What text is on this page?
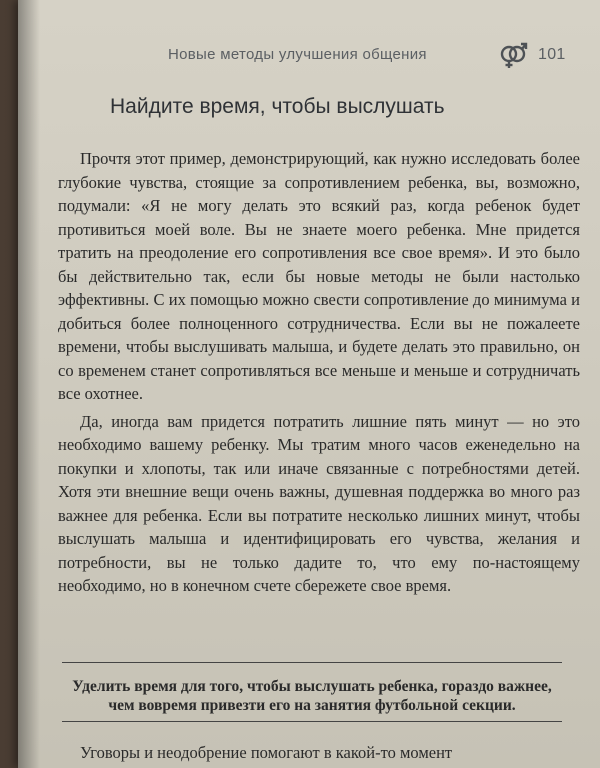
Новые методы улучшения общения	101
Найдите время, чтобы выслушать

Прочтя этот пример, демонстрирующий, как нужно исследовать более глубокие чувства, стоящие за сопротивлением ребенка, вы, возможно, подумали: «Я не могу делать это всякий раз, когда ребенок будет противиться моей воле. Вы не знаете моего ребенка. Мне придется тратить на преодоление его сопротивления все свое время». И это было бы действительно так, если бы новые методы не были настолько эффективны. С их помощью можно свести сопротивление до минимума и добиться более полноценного сотрудничества. Если вы не пожалеете времени, чтобы выслушивать малыша, и будете делать это правильно, он со временем станет сопротивляться все меньше и меньше и сотрудничать все охотнее.

Да, иногда вам придется потратить лишние пять минут — но это необходимо вашему ребенку. Мы тратим много часов еженедельно на покупки и хлопоты, так или иначе связанные с потребностями детей. Хотя эти внешние вещи очень важны, душевная поддержка во много раз важнее для ребенка. Если вы потратите несколько лишних минут, чтобы выслушать малыша и идентифицировать его чувства, желания и потребности, вы не только дадите то, что ему по-настоящему необходимо, но в конечном счете сбережете свое время.

Уделить время для того, чтобы выслушать ребенка, гораздо важнее, чем вовремя привезти его на занятия футбольной секции.
Уговоры и неодобрение помогают в какой-то момент
